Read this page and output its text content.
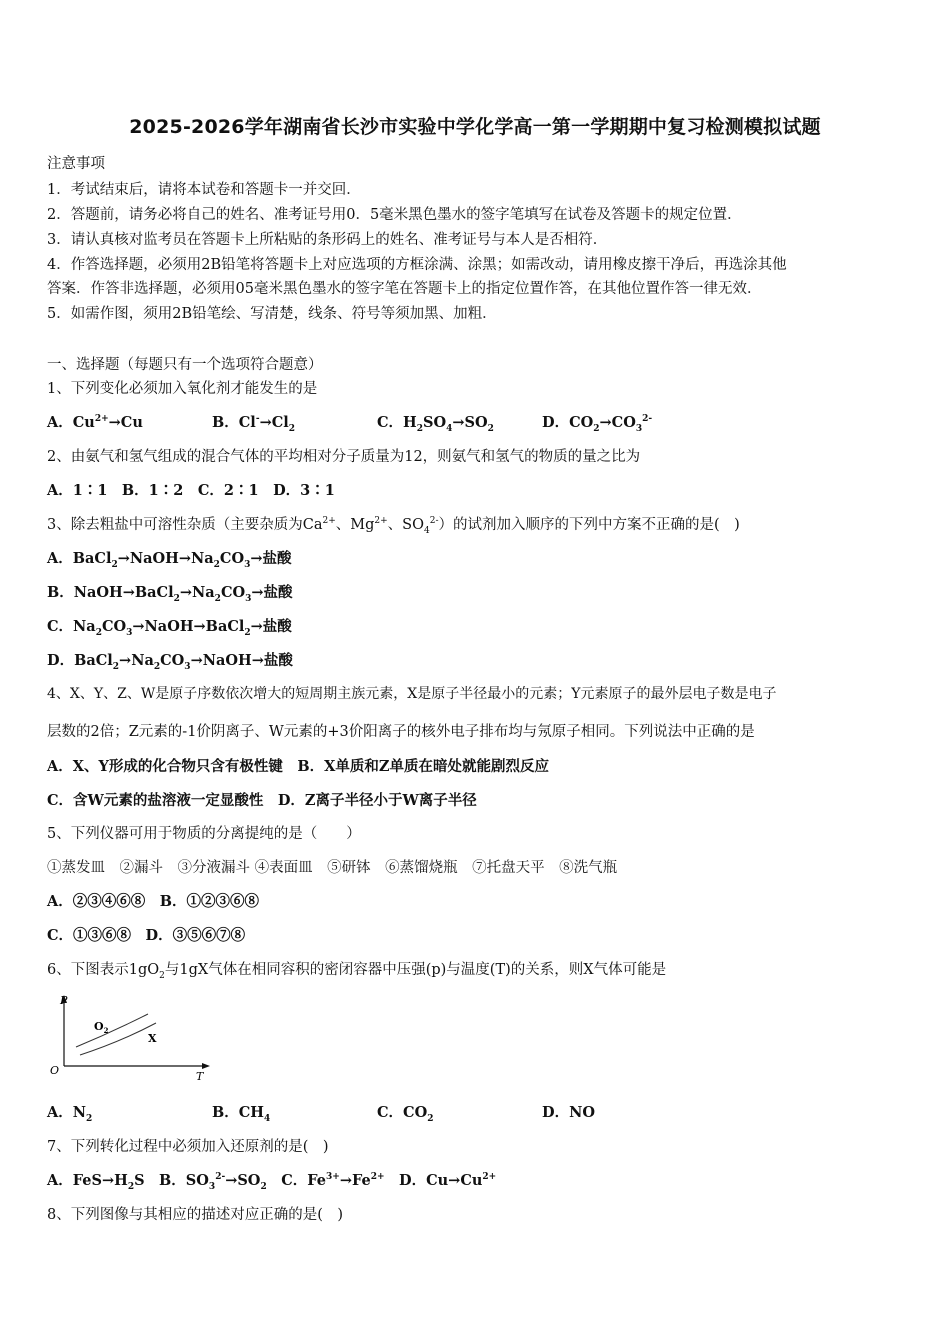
2025-2026学年湖南省长沙市实验中学化学高一第一学期期中复习检测模拟试题
注意事项
1．考试结束后，请将本试卷和答题卡一并交回．
2．答题前，请务必将自己的姓名、准考证号用0．5毫米黑色墨水的签字笔填写在试卷及答题卡的规定位置．
3．请认真核对监考员在答题卡上所粘贴的条形码上的姓名、准考证号与本人是否相符．
4．作答选择题，必须用2B铅笔将答题卡上对应选项的方框涂满、涂黑；如需改动，请用橡皮擦干净后，再选涂其他
答案．作答非选择题，必须用05毫米黑色墨水的签字笔在答题卡上的指定位置作答，在其他位置作答一律无效．
5．如需作图，须用2B铅笔绘、写清楚，线条、符号等须加黑、加粗．
一、选择题（每题只有一个选项符合题意）
1、下列变化必须加入氧化剂才能发生的是
A．$Cu^{2+}\to Cu$	B．$Cl^-\to Cl_2$	C．$H_2SO_4\to SO_2$	D．$CO_2\to CO_3^{2-}$
2、由氨气和氢气组成的混合气体的平均相对分子质量为12，则氨气和氢气的物质的量之比为
A．1∶1　B．1∶2　C．2∶1　D．3∶1
3、除去粗盐中可溶性杂质（主要杂质为$Ca^{2+}$、$Mg^{2+}$、$SO_4^{2-}$）的试剂加入顺序的下列中方案不正确的是(　)
A．$BaCl_2\to NaOH\to Na_2CO_3\to$盐酸
B．$NaOH\to BaCl_2\to Na_2CO_3\to$盐酸
C．$Na_2CO_3\to NaOH\to BaCl_2\to$盐酸
D．$BaCl_2\to Na_2CO_3\to NaOH\to$盐酸
4、X、Y、Z、W是原子序数依次增大的短周期主族元素，X是原子半径最小的元素；Y元素原子的最外层电子数是电子
层数的2倍；Z元素的-1价阴离子、W元素的+3价阳离子的核外电子排布均与氖原子相同。下列说法中正确的是
A．X、Y形成的化合物只含有极性键　B．X单质和Z单质在暗处就能剧烈反应
C．含W元素的盐溶液一定显酸性　D．Z离子半径小于W离子半径
5、下列仪器可用于物质的分离提纯的是（　　）
①蒸发皿　②漏斗　③分液漏斗 ④表面皿　⑤研钵　⑥蒸馏烧瓶　⑦托盘天平　⑧洗气瓶
A．②③④⑥⑧　B．①②③⑥⑧
C．①③⑥⑧　D．③⑤⑥⑦⑧
6、下图表示$1gO_2$与1gX气体在相同容积的密闭容器中压强(p)与温度(T)的关系，则X气体可能是
P
$O_2$
X
O	T
A．$N_2$	B．$CH_4$	C．$CO_2$	D．NO
7、下列转化过程中必须加入还原剂的是(　)
A．$FeS\to H_2S$　B．$SO_3^{2-}\to SO_2$　C．$Fe^{3+}\to Fe^{2+}$　D．$Cu\to Cu^{2+}$
8、下列图像与其相应的描述对应正确的是(　)
